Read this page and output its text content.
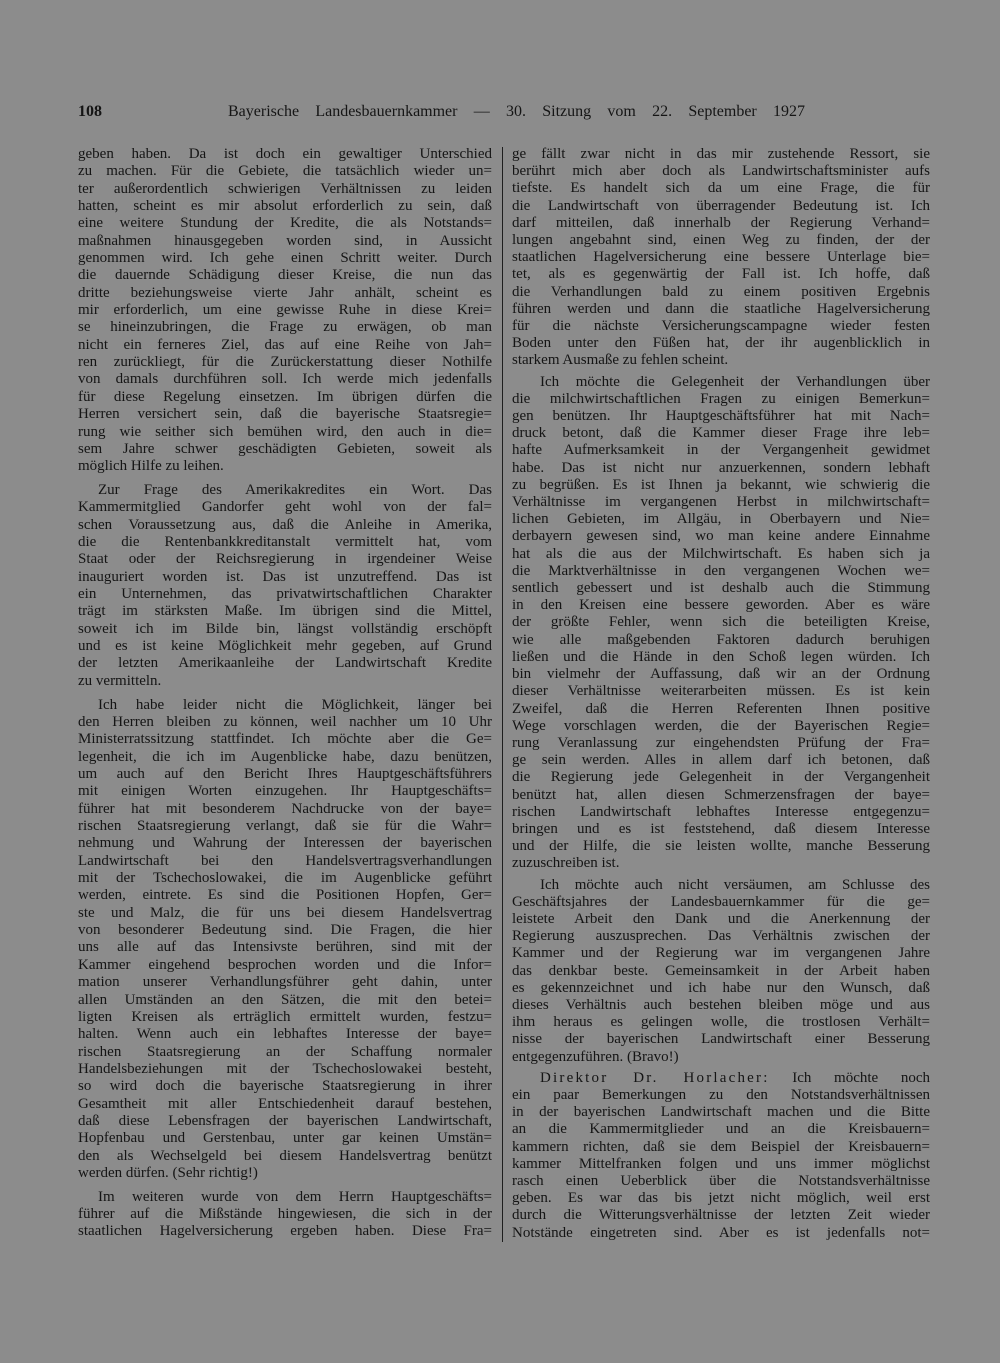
108	Bayerische Landesbauernkammer — 30. Sitzung vom 22. September 1927
geben haben. Da ist doch ein gewaltiger Unterschied
zu machen. Für die Gebiete, die tatsächlich wieder un=
ter außerordentlich schwierigen Verhältnissen zu leiden
hatten, scheint es mir absolut erforderlich zu sein, daß
eine weitere Stundung der Kredite, die als Notstands=
maßnahmen hinausgegeben worden sind, in Aussicht
genommen wird. Ich gehe einen Schritt weiter. Durch
die dauernde Schädigung dieser Kreise, die nun das
dritte beziehungsweise vierte Jahr anhält, scheint es
mir erforderlich, um eine gewisse Ruhe in diese Krei=
se hineinzubringen, die Frage zu erwägen, ob man
nicht ein ferneres Ziel, das auf eine Reihe von Jah=
ren zurückliegt, für die Zurückerstattung dieser Nothilfe
von damals durchführen soll. Ich werde mich jedenfalls
für diese Regelung einsetzen. Im übrigen dürfen die
Herren versichert sein, daß die bayerische Staatsregie=
rung wie seither sich bemühen wird, den auch in die=
sem Jahre schwer geschädigten Gebieten, soweit als
möglich Hilfe zu leihen.
Zur Frage des Amerikakredites ein Wort. Das
Kammermitglied Gandorfer geht wohl von der fal=
schen Voraussetzung aus, daß die Anleihe in Amerika,
die die Rentenbankkreditanstalt vermittelt hat, vom
Staat oder der Reichsregierung in irgendeiner Weise
inauguriert worden ist. Das ist unzutreffend. Das ist
ein Unternehmen, das privatwirtschaftlichen Charakter
trägt im stärksten Maße. Im übrigen sind die Mittel,
soweit ich im Bilde bin, längst vollständig erschöpft
und es ist keine Möglichkeit mehr gegeben, auf Grund
der letzten Amerikaanleihe der Landwirtschaft Kredite
zu vermitteln.
Ich habe leider nicht die Möglichkeit, länger bei
den Herren bleiben zu können, weil nachher um 10 Uhr
Ministerratssitzung stattfindet. Ich möchte aber die Ge=
legenheit, die ich im Augenblicke habe, dazu benützen,
um auch auf den Bericht Ihres Hauptgeschäftsführers
mit einigen Worten einzugehen. Ihr Hauptgeschäfts=
führer hat mit besonderem Nachdrucke von der baye=
rischen Staatsregierung verlangt, daß sie für die Wahr=
nehmung und Wahrung der Interessen der bayerischen
Landwirtschaft bei den Handelsvertragsverhandlungen
mit der Tschechoslowakei, die im Augenblicke geführt
werden, eintrete. Es sind die Positionen Hopfen, Ger=
ste und Malz, die für uns bei diesem Handelsvertrag
von besonderer Bedeutung sind. Die Fragen, die hier
uns alle auf das Intensivste berühren, sind mit der
Kammer eingehend besprochen worden und die Infor=
mation unserer Verhandlungsführer geht dahin, unter
allen Umständen an den Sätzen, die mit den betei=
ligten Kreisen als erträglich ermittelt wurden, festzu=
halten. Wenn auch ein lebhaftes Interesse der baye=
rischen Staatsregierung an der Schaffung normaler
Handelsbeziehungen mit der Tschechoslowakei besteht,
so wird doch die bayerische Staatsregierung in ihrer
Gesamtheit mit aller Entschiedenheit darauf bestehen,
daß diese Lebensfragen der bayerischen Landwirtschaft,
Hopfenbau und Gerstenbau, unter gar keinen Umstän=
den als Wechselgeld bei diesem Handelsvertrag benützt
werden dürfen. (Sehr richtig!)
Im weiteren wurde von dem Herrn Hauptgeschäfts=
führer auf die Mißstände hingewiesen, die sich in der
staatlichen Hagelversicherung ergeben haben. Diese Fra=
ge fällt zwar nicht in das mir zustehende Ressort, sie
berührt mich aber doch als Landwirtschaftsminister aufs
tiefste. Es handelt sich da um eine Frage, die für
die Landwirtschaft von überragender Bedeutung ist. Ich
darf mitteilen, daß innerhalb der Regierung Verhand=
lungen angebahnt sind, einen Weg zu finden, der der
staatlichen Hagelversicherung eine bessere Unterlage bie=
tet, als es gegenwärtig der Fall ist. Ich hoffe, daß
die Verhandlungen bald zu einem positiven Ergebnis
führen werden und dann die staatliche Hagelversicherung
für die nächste Versicherungscampagne wieder festen
Boden unter den Füßen hat, der ihr augenblicklich in
starkem Ausmaße zu fehlen scheint.
Ich möchte die Gelegenheit der Verhandlungen über
die milchwirtschaftlichen Fragen zu einigen Bemerkun=
gen benützen. Ihr Hauptgeschäftsführer hat mit Nach=
druck betont, daß die Kammer dieser Frage ihre leb=
hafte Aufmerksamkeit in der Vergangenheit gewidmet
habe. Das ist nicht nur anzuerkennen, sondern lebhaft
zu begrüßen. Es ist Ihnen ja bekannt, wie schwierig die
Verhältnisse im vergangenen Herbst in milchwirtschaft=
lichen Gebieten, im Allgäu, in Oberbayern und Nie=
derbayern gewesen sind, wo man keine andere Einnahme
hat als die aus der Milchwirtschaft. Es haben sich ja
die Marktverhältnisse in den vergangenen Wochen we=
sentlich gebessert und ist deshalb auch die Stimmung
in den Kreisen eine bessere geworden. Aber es wäre
der größte Fehler, wenn sich die beteiligten Kreise,
wie alle maßgebenden Faktoren dadurch beruhigen
ließen und die Hände in den Schoß legen würden. Ich
bin vielmehr der Auffassung, daß wir an der Ordnung
dieser Verhältnisse weiterarbeiten müssen. Es ist kein
Zweifel, daß die Herren Referenten Ihnen positive
Wege vorschlagen werden, die der Bayerischen Regie=
rung Veranlassung zur eingehendsten Prüfung der Fra=
ge sein werden. Alles in allem darf ich betonen, daß
die Regierung jede Gelegenheit in der Vergangenheit
benützt hat, allen diesen Schmerzensfragen der baye=
rischen Landwirtschaft lebhaftes Interesse entgegenzu=
bringen und es ist feststehend, daß diesem Interesse
und der Hilfe, die sie leisten wollte, manche Besserung
zuzuschreiben ist.
Ich möchte auch nicht versäumen, am Schlusse des
Geschäftsjahres der Landesbauernkammer für die ge=
leistete Arbeit den Dank und die Anerkennung der
Regierung auszusprechen. Das Verhältnis zwischen der
Kammer und der Regierung war im vergangenen Jahre
das denkbar beste. Gemeinsamkeit in der Arbeit haben
es gekennzeichnet und ich habe nur den Wunsch, daß
dieses Verhältnis auch bestehen bleiben möge und aus
ihm heraus es gelingen wolle, die trostlosen Verhält=
nisse der bayerischen Landwirtschaft einer Besserung
entgegenzuführen. (Bravo!)
Direktor Dr. Horlacher: Ich möchte noch
ein paar Bemerkungen zu den Notstandsverhältnissen
in der bayerischen Landwirtschaft machen und die Bitte
an die Kammermitglieder und an die Kreisbauern=
kammern richten, daß sie dem Beispiel der Kreisbauern=
kammer Mittelfranken folgen und uns immer möglichst
rasch einen Ueberblick über die Notstandsverhältnisse
geben. Es war das bis jetzt nicht möglich, weil erst
durch die Witterungsverhältnisse der letzten Zeit wieder
Notstände eingetreten sind. Aber es ist jedenfalls not=
